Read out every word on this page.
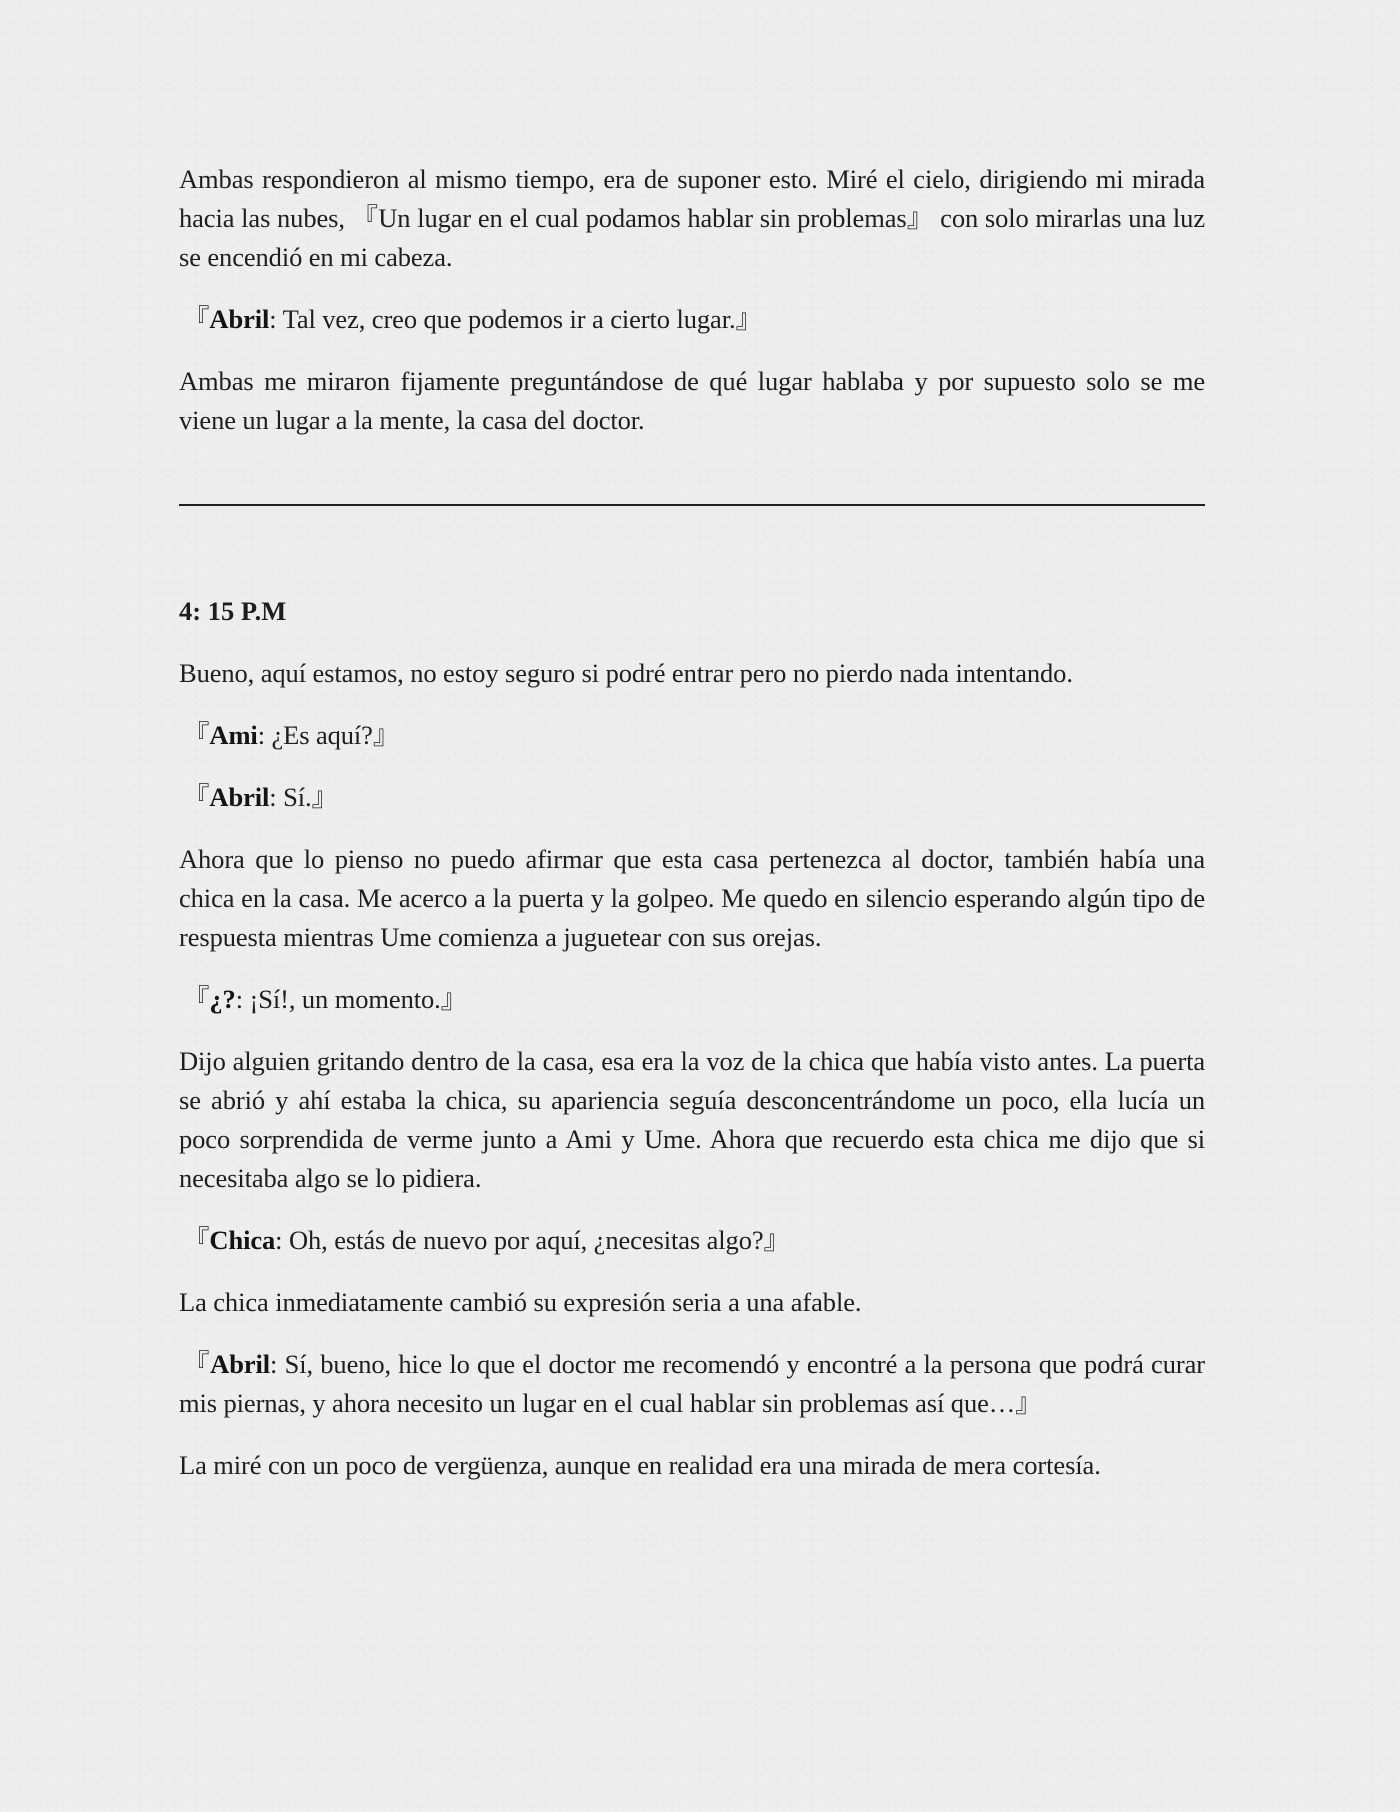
Ambas respondieron al mismo tiempo, era de suponer esto. Miré el cielo, dirigiendo mi mirada hacia las nubes, 『Un lugar en el cual podamos hablar sin problemas』 con solo mirarlas una luz se encendió en mi cabeza.

『Abril: Tal vez, creo que podemos ir a cierto lugar.』

Ambas me miraron fijamente preguntándose de qué lugar hablaba y por supuesto solo se me viene un lugar a la mente, la casa del doctor.

4: 15 P.M

Bueno, aquí estamos, no estoy seguro si podré entrar pero no pierdo nada intentando.

『Ami: ¿Es aquí?』

『Abril: Sí.』

Ahora que lo pienso no puedo afirmar que esta casa pertenezca al doctor, también había una chica en la casa. Me acerco a la puerta y la golpeo. Me quedo en silencio esperando algún tipo de respuesta mientras Ume comienza a juguetear con sus orejas.

『¿?: ¡Sí!, un momento.』

Dijo alguien gritando dentro de la casa, esa era la voz de la chica que había visto antes. La puerta se abrió y ahí estaba la chica, su apariencia seguía desconcentrándome un poco, ella lucía un poco sorprendida de verme junto a Ami y Ume. Ahora que recuerdo esta chica me dijo que si necesitaba algo se lo pidiera.

『Chica: Oh, estás de nuevo por aquí, ¿necesitas algo?』

La chica inmediatamente cambió su expresión seria a una afable.

『Abril: Sí, bueno, hice lo que el doctor me recomendó y encontré a la persona que podrá curar mis piernas, y ahora necesito un lugar en el cual hablar sin problemas así que…』

La miré con un poco de vergüenza, aunque en realidad era una mirada de mera cortesía.
